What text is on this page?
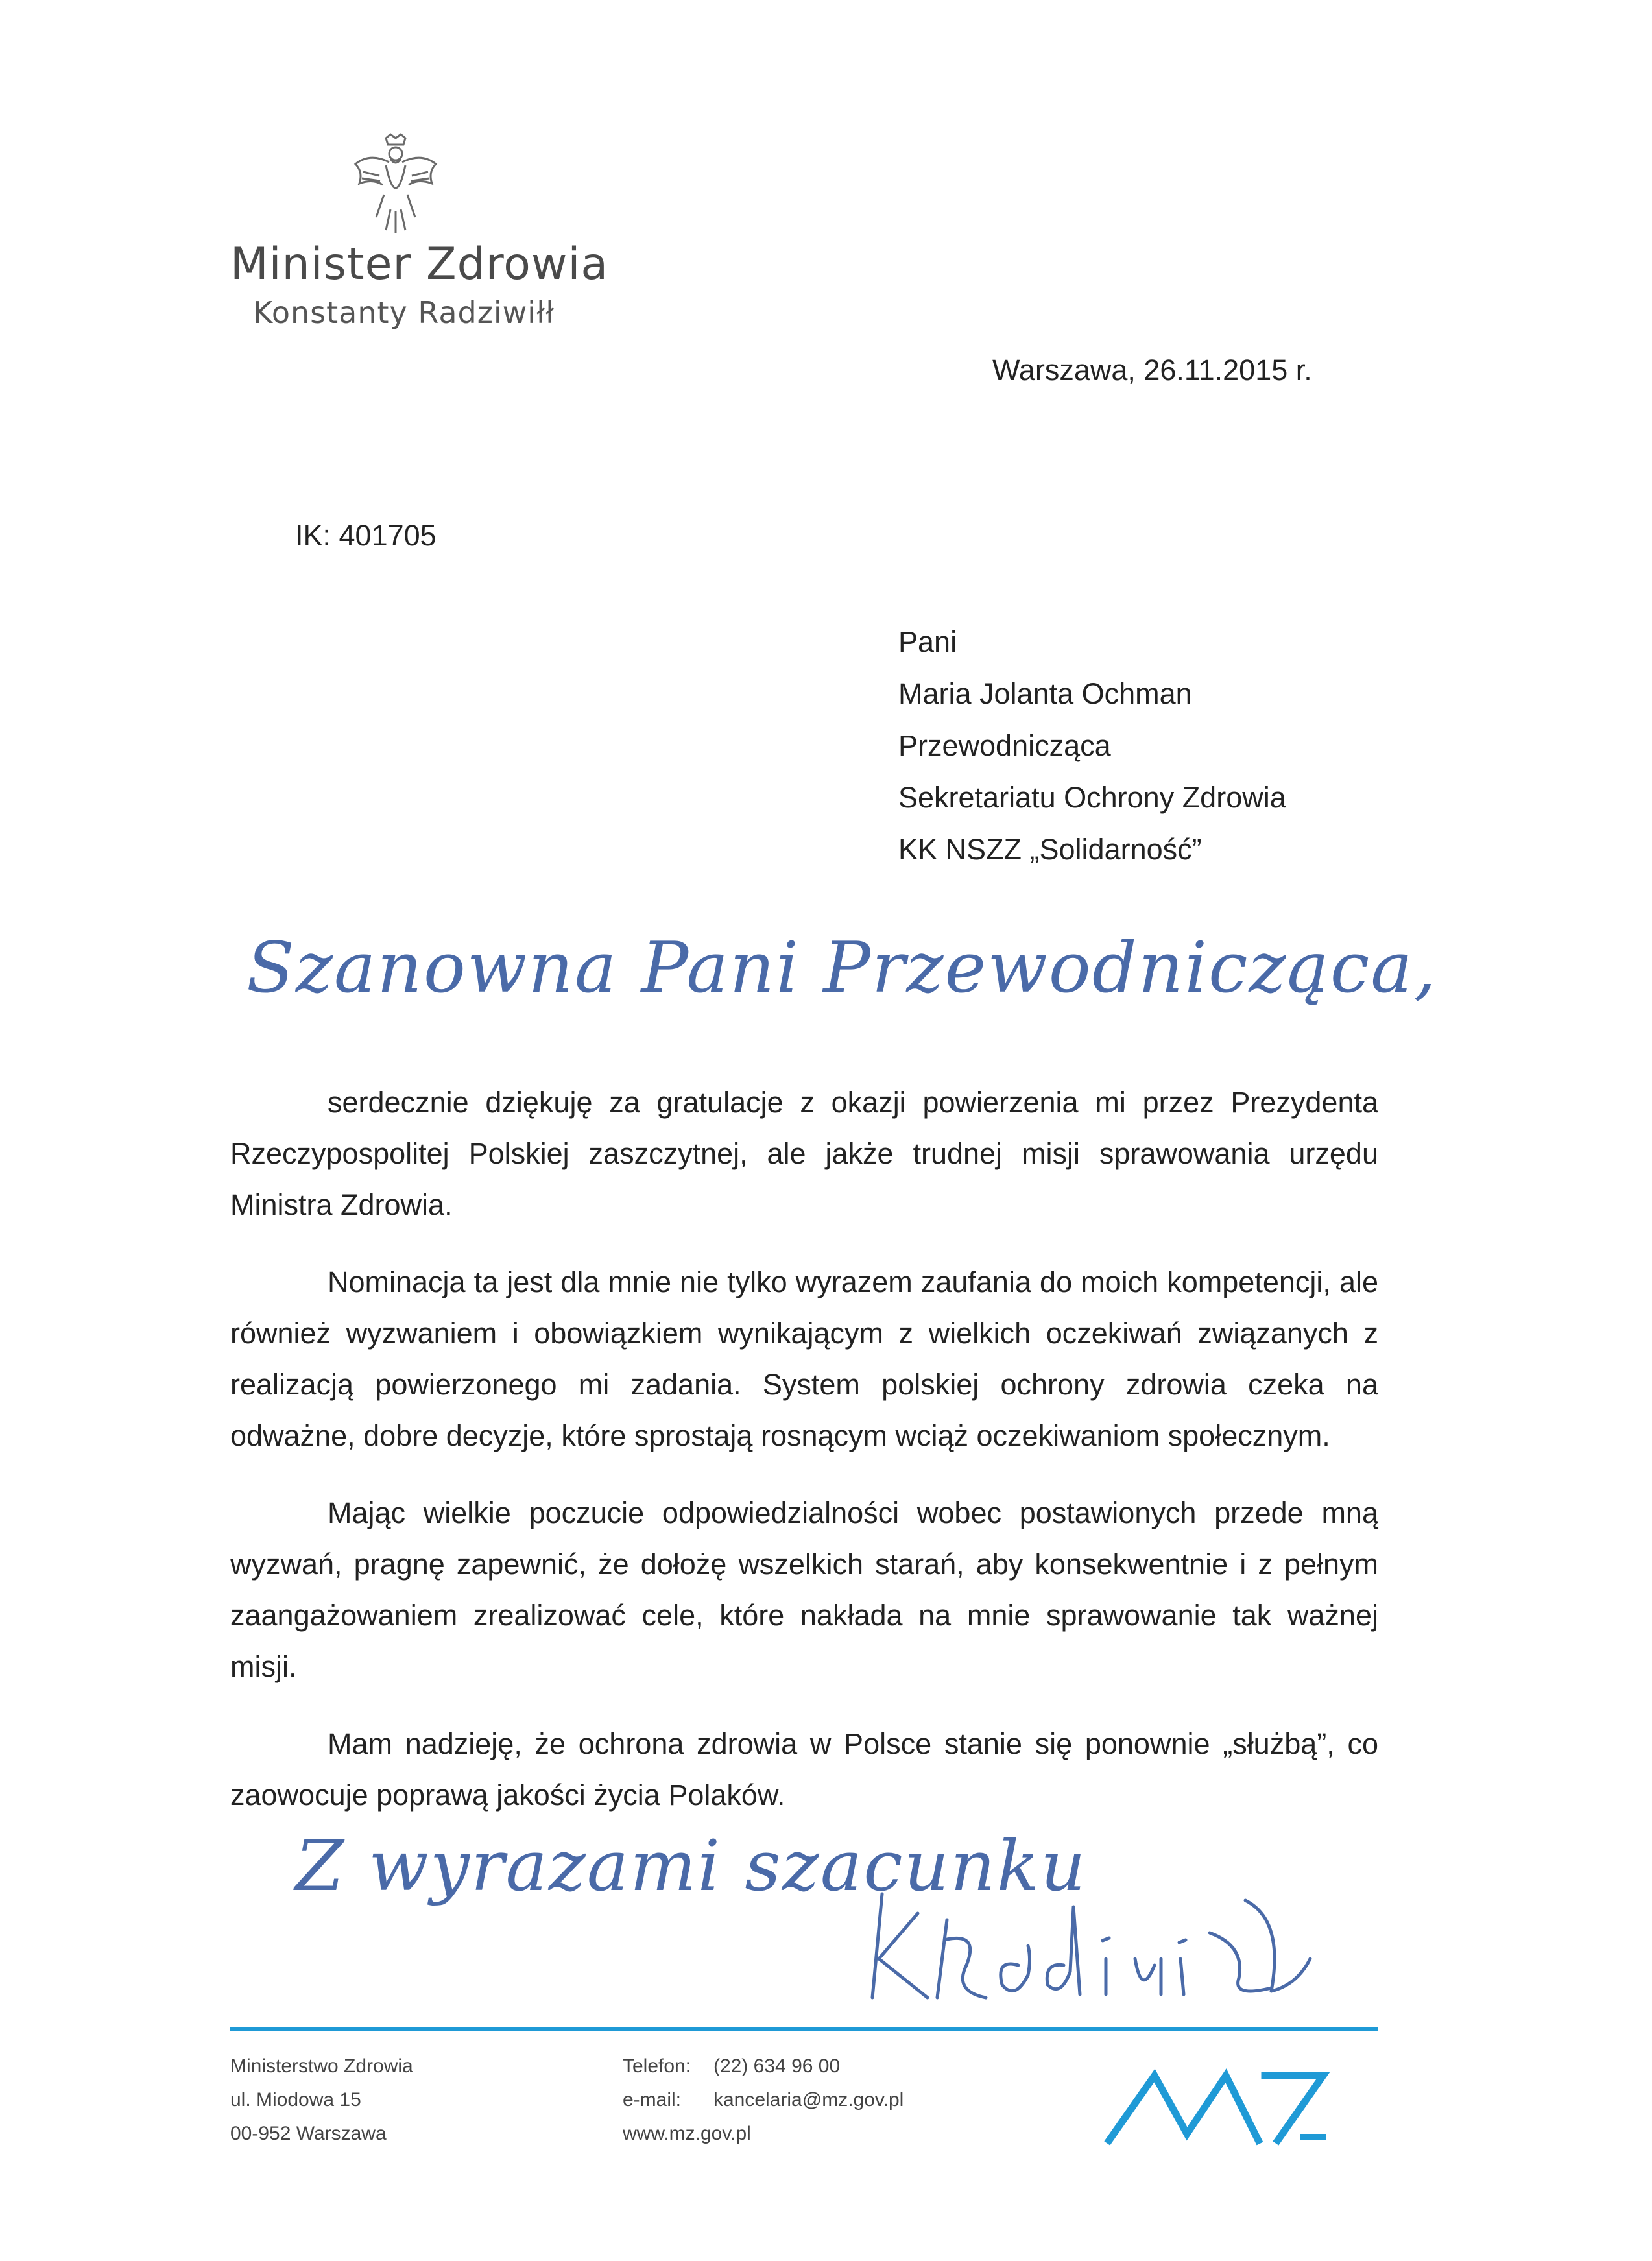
Minister Zdrowia
Konstanty Radziwiłł
Warszawa, 26.11.2015 r.
IK: 401705
Pani
Maria Jolanta Ochman
Przewodnicząca
Sekretariatu Ochrony Zdrowia
KK NSZZ „Solidarność”
Szanowna Pani Przewodnicząca,

serdecznie dziękuję za gratulacje z okazji powierzenia mi przez Prezydenta Rzeczypospolitej Polskiej zaszczytnej, ale jakże trudnej misji sprawowania urzędu Ministra Zdrowia.

Nominacja ta jest dla mnie nie tylko wyrazem zaufania do moich kompetencji, ale również wyzwaniem i obowiązkiem wynikającym z wielkich oczekiwań związanych z realizacją powierzonego mi zadania. System polskiej ochrony zdrowia czeka na odważne, dobre decyzje, które sprostają rosnącym wciąż oczekiwaniom społecznym.

Mając wielkie poczucie odpowiedzialności wobec postawionych przede mną wyzwań, pragnę zapewnić, że dołożę wszelkich starań, aby konsekwentnie i z pełnym zaangażowaniem zrealizować cele, które nakłada na mnie sprawowanie tak ważnej misji.

Mam nadzieję, że ochrona zdrowia w Polsce stanie się ponownie „służbą”, co zaowocuje poprawą jakości życia Polaków.

Z wyrazami szacunku
Ministerstwo Zdrowia
ul. Miodowa 15
00-952 Warszawa
Telefon: (22) 634 96 00
e-mail: kancelaria@mz.gov.pl
www.mz.gov.pl
